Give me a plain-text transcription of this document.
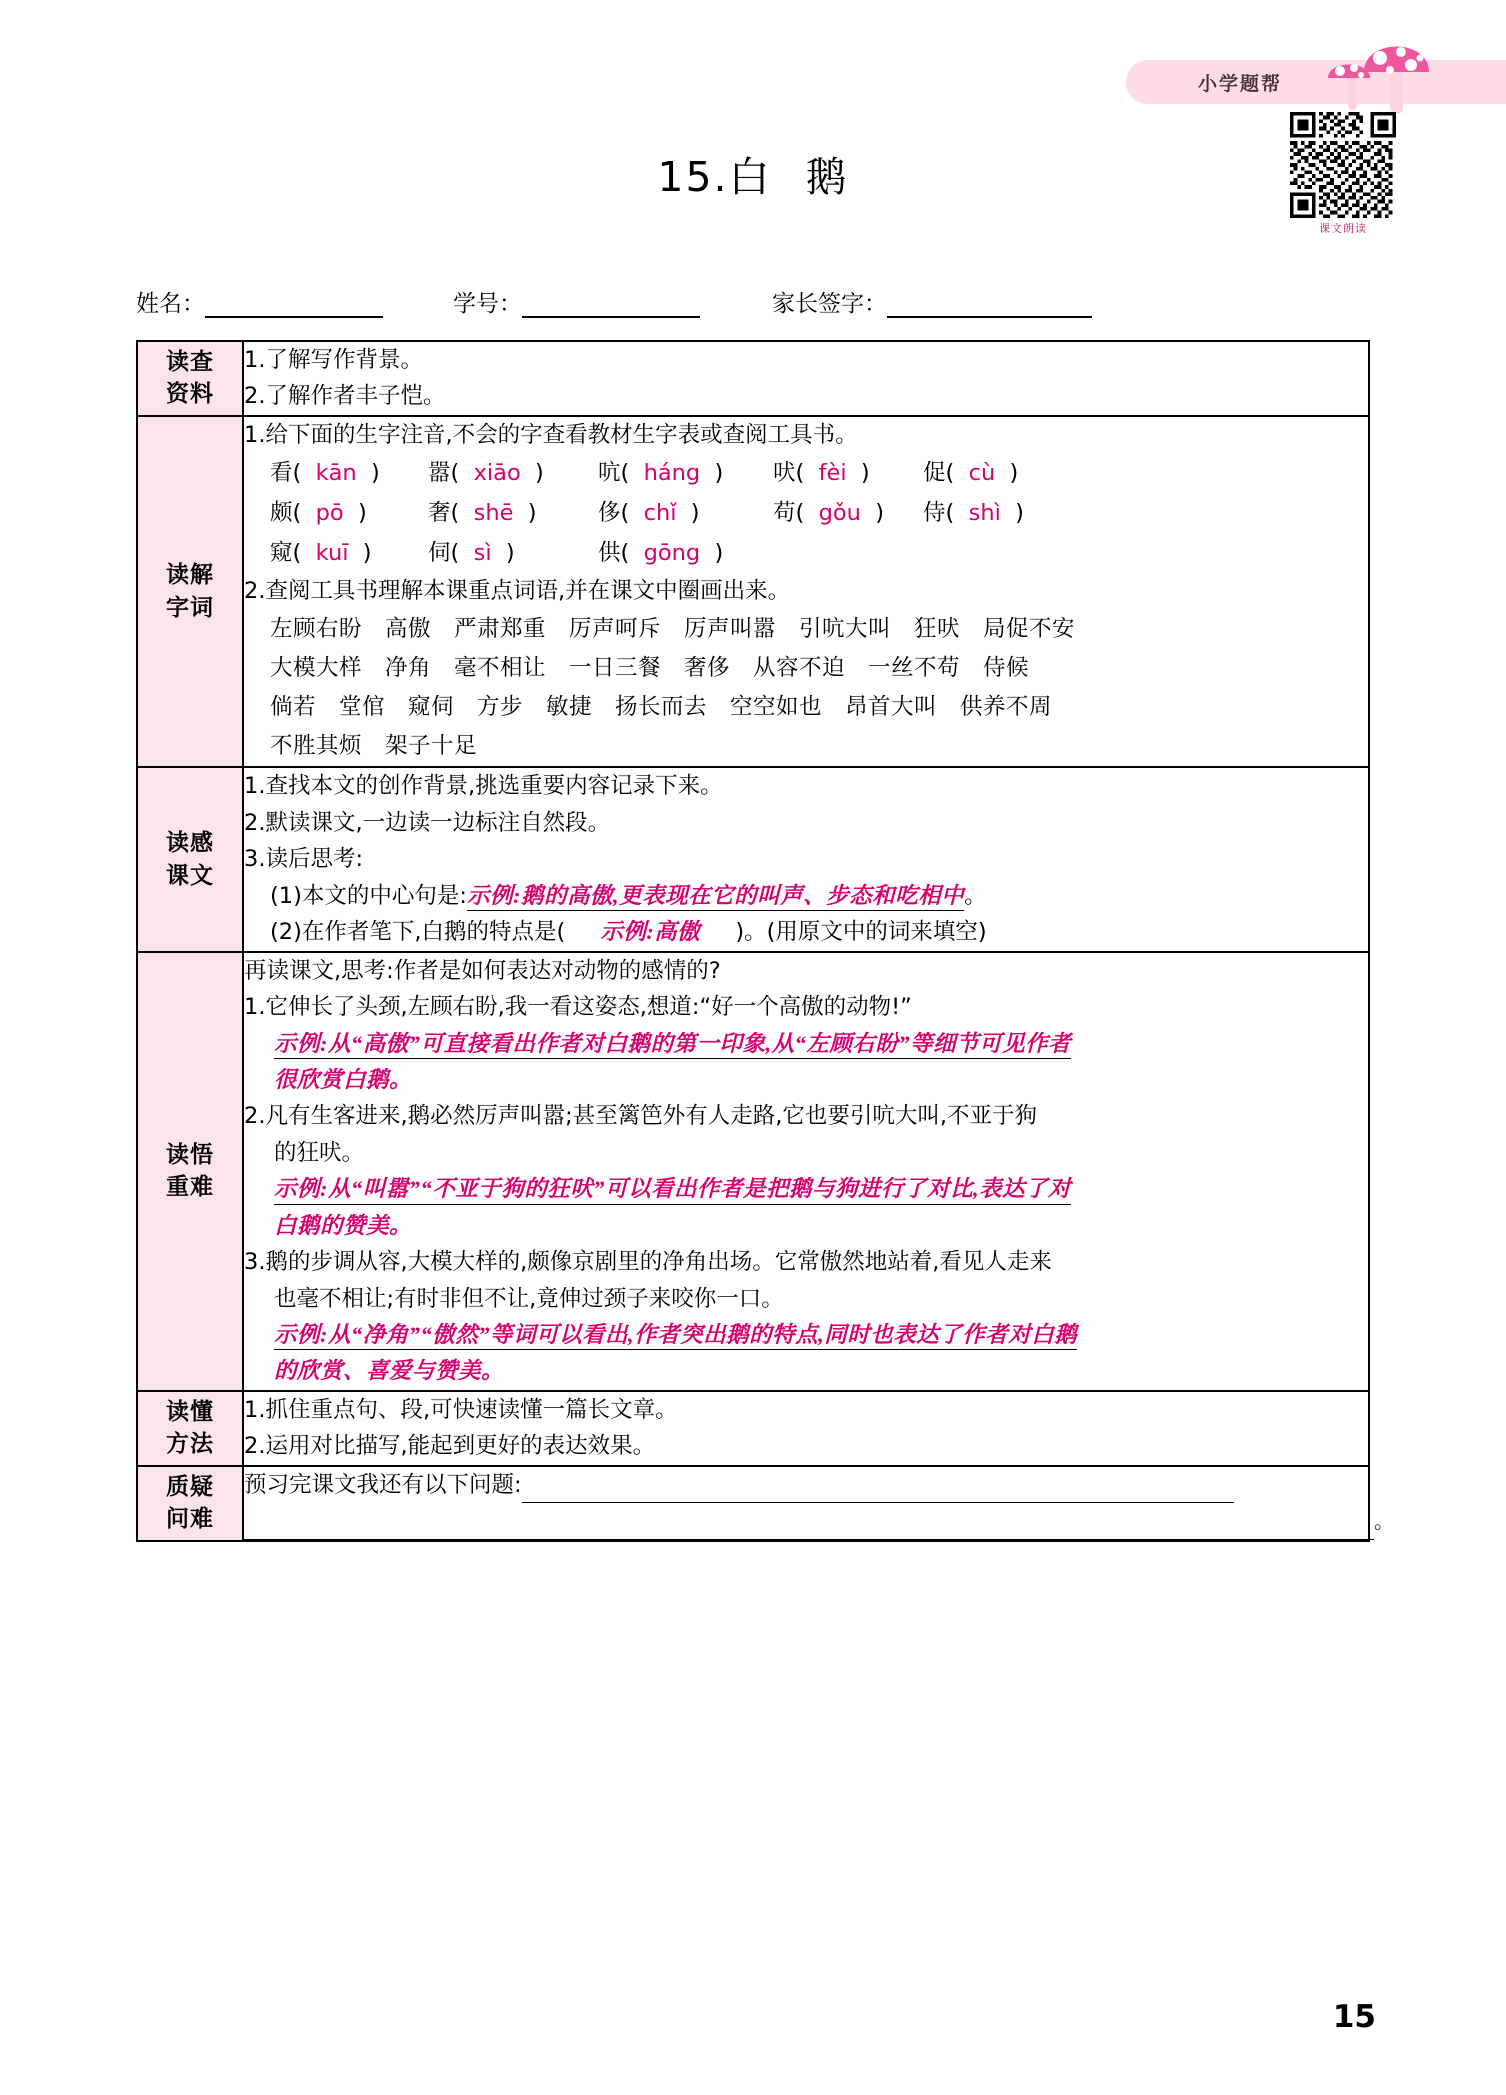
小学题帮
课文朗读
15.白 鹅
姓名：	学号：	家长签字：
读查
资料

1.了解写作背景。
2.了解作者丰子恺。

读解
字词

1.给下面的生字注音,不会的字查看教材生字表或查阅工具书。
看(  kān  ) 嚣(  xiāo  ) 吭(  háng  ) 吠(  fèi  ) 促(  cù  )
颇(  pō  )	奢(  shē  )	侈(  chǐ  )	苟(  gǒu  ) 侍(  shì  )
窥(  kuī  )	伺(  sì  )	供(  gōng  )
2.查阅工具书理解本课重点词语,并在课文中圈画出来。
左顾右盼　高傲　严肃郑重　厉声呵斥　厉声叫嚣　引吭大叫　狂吠　局促不安
大模大样　净角　毫不相让　一日三餐　奢侈　从容不迫　一丝不苟　侍候
倘若　堂倌　窥伺　方步　敏捷　扬长而去　空空如也　昂首大叫　供养不周
不胜其烦　架子十足

读感
课文

1.查找本文的创作背景,挑选重要内容记录下来。
2.默读课文,一边读一边标注自然段。
3.读后思考:
(1)本文的中心句是:示例:鹅的高傲,更表现在它的叫声、步态和吃相中。
(2)在作者笔下,白鹅的特点是( 示例:高傲 )。(用原文中的词来填空)

读悟
重难

再读课文,思考:作者是如何表达对动物的感情的?
1.它伸长了头颈,左顾右盼,我一看这姿态,想道:“好一个高傲的动物!”
示例:从“高傲”可直接看出作者对白鹅的第一印象,从“左顾右盼”等细节可见作者
很欣赏白鹅。
2.凡有生客进来,鹅必然厉声叫嚣;甚至篱笆外有人走路,它也要引吭大叫,不亚于狗
的狂吠。
示例:从“叫嚣”“不亚于狗的狂吠”可以看出作者是把鹅与狗进行了对比,表达了对
白鹅的赞美。
3.鹅的步调从容,大模大样的,颇像京剧里的净角出场。它常傲然地站着,看见人走来
也毫不相让;有时非但不让,竟伸过颈子来咬你一口。
示例:从“净角”“傲然”等词可以看出,作者突出鹅的特点,同时也表达了作者对白鹅
的欣赏、喜爱与赞美。

读懂
方法

1.抓住重点句、段,可快速读懂一篇长文章。
2.运用对比描写,能起到更好的表达效果。

质疑
问难

预习完课文我还有以下问题:
。
15
